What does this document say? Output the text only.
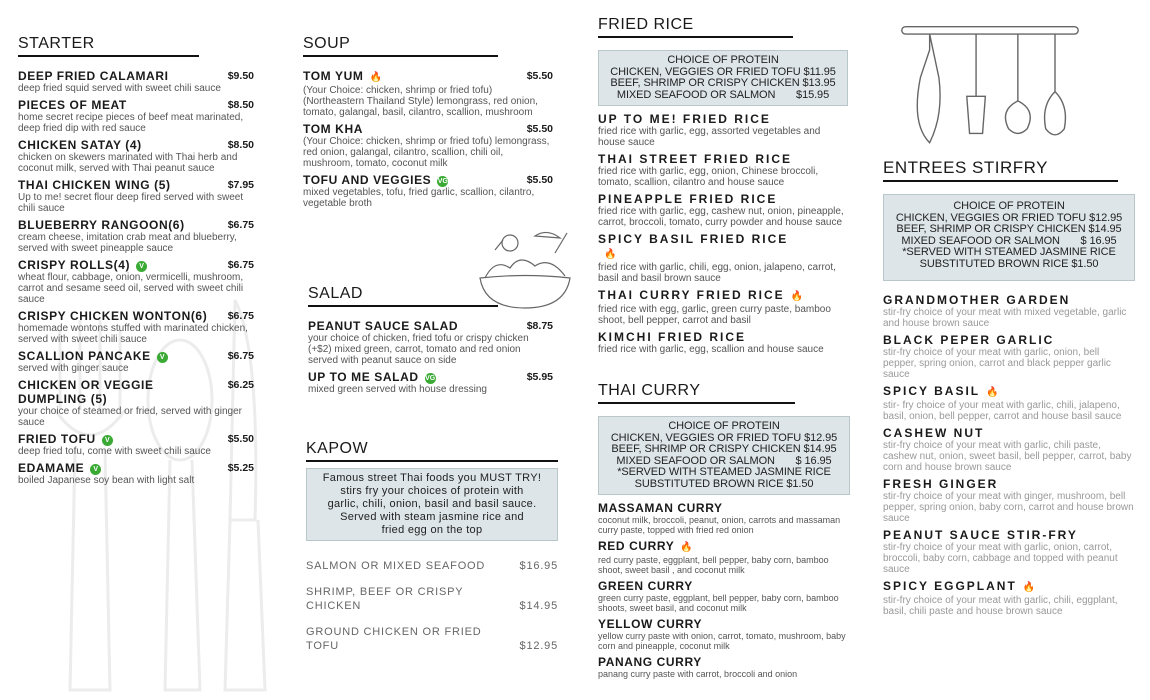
STARTER
DEEP FRIED CALAMARI	$9.50
deep fried squid served with sweet chili sauce
PIECES OF MEAT	$8.50
home secret recipe pieces of beef meat marinated, deep fried dip with red sauce
CHICKEN SATAY (4)	$8.50
chicken on skewers marinated with Thai herb and coconut milk, served with Thai peanut sauce
THAI CHICKEN WING (5)	$7.95
Up to me! secret flour deep fired served with sweet chili sauce
BLUEBERRY RANGOON(6)	$6.75
cream cheese, imitation crab meat and blueberry, served with sweet pineapple sauce
CRISPY ROLLS(4) V	$6.75
wheat flour, cabbage, onion, vermicelli, mushroom, carrot and sesame seed oil, served with sweet chili sauce
CRISPY CHICKEN WONTON(6)	$6.75
homemade wontons stuffed with marinated chicken, served with sweet chili sauce
SCALLION PANCAKE V	$6.75
served with ginger sauce
CHICKEN OR VEGGIE DUMPLING (5)
$6.25
your choice of steamed or fried, served with ginger sauce
FRIED TOFU V	$5.50
deep fried tofu, come with sweet chili sauce
EDAMAME V	$5.25
boiled Japanese soy bean with light salt
SOUP
TOM YUM 🔥	$5.50
(Your Choice: chicken, shrimp or fried tofu) (Northeastern Thailand Style) lemongrass, red onion, tomato, galangal, basil, cilantro, scallion, mushroom
TOM KHA	$5.50
(Your Choice: chicken, shrimp or fried tofu) lemongrass, red onion, galangal, cilantro, scallion, chili oil, mushroom, tomato, coconut milk
TOFU AND VEGGIES VG	$5.50
mixed vegetables, tofu, fried garlic, scallion, cilantro, vegetable broth
SALAD
PEANUT SAUCE SALAD	$8.75
your choice of chicken, fried tofu or crispy chicken (+$2) mixed green, carrot, tomato and red onion served with peanut sauce on side
UP TO ME SALAD VG	$5.95
mixed green served with house dressing
KAPOW
Famous street Thai foods you MUST TRY!
stirs fry your choices of protein with
garlic, chili, onion, basil and basil sauce.
Served with steam jasmine rice and
fried egg on the top
SALMON OR MIXED SEAFOOD	$16.95
SHRIMP, BEEF OR CRISPY CHICKEN	$14.95
GROUND CHICKEN OR FRIED TOFU	$12.95
FRIED RICE
CHOICE OF PROTEIN
CHICKEN, VEGGIES OR FRIED TOFU $11.95
BEEF, SHRIMP OR CRISPY CHICKEN $13.95
MIXED SEAFOOD OR SALMON       $15.95
UP TO ME! FRIED RICE
fried rice with garlic, egg, assorted vegetables and house sauce
THAI STREET FRIED RICE
fried rice with garlic, egg, onion, Chinese broccoli, tomato, scallion, cilantro and house sauce
PINEAPPLE FRIED RICE
fried rice with garlic, egg, cashew nut, onion, pineapple, carrot, broccoli, tomato, curry powder and house sauce
SPICY BASIL FRIED RICE🔥
fried rice with garlic, chili, egg, onion, jalapeno, carrot, basil and basil brown sauce
THAI CURRY FRIED RICE 🔥
fried rice with egg, garlic, green curry paste, bamboo shoot, bell pepper, carrot and basil
KIMCHI FRIED RICE
fried rice with garlic, egg, scallion and house sauce
THAI CURRY
CHOICE OF PROTEIN
CHICKEN, VEGGIES OR FRIED TOFU $12.95
BEEF, SHRIMP OR CRISPY CHICKEN $14.95
MIXED SEAFOOD OR SALMON       $ 16.95
*SERVED WITH STEAMED JASMINE RICE
SUBSTITUTED BROWN RICE $1.50
MASSAMAN CURRY
coconut milk, broccoli, peanut, onion, carrots and massaman curry paste, topped with fried red onion
RED CURRY 🔥
red curry paste, eggplant, bell pepper, baby corn, bamboo shoot, sweet basil , and coconut milk
GREEN CURRY
green curry paste, eggplant, bell pepper, baby corn, bamboo shoots, sweet basil, and coconut milk
YELLOW CURRY
yellow curry paste with onion, carrot, tomato, mushroom, baby corn and pineapple, coconut milk
PANANG CURRY
panang curry paste with carrot, broccoli and onion
ENTREES STIRFRY
CHOICE OF PROTEIN
CHICKEN, VEGGIES OR FRIED TOFU $12.95
BEEF, SHRIMP OR CRISPY CHICKEN $14.95
MIXED SEAFOOD OR SALMON       $ 16.95
*SERVED WITH STEAMED JASMINE RICE
SUBSTITUTED BROWN RICE $1.50
GRANDMOTHER GARDEN
stir-fry choice of your meat with mixed vegetable, garlic and house brown sauce
BLACK PEPER GARLIC
stir-fry choice of your meat with garlic, onion, bell pepper, spring onion, carrot and black pepper garlic sauce
SPICY BASIL 🔥
stir- fry choice of your meat with garlic, chili, jalapeno, basil, onion, bell pepper, carrot and house basil sauce
CASHEW NUT
stir-fry choice of your meat with garlic, chili paste, cashew nut, onion, sweet basil, bell pepper, carrot, baby corn and house brown sauce
FRESH GINGER
stir-fry choice of your meat with ginger, mushroom, bell pepper, spring onion, baby corn, carrot and house brown sauce
PEANUT SAUCE STIR-FRY
stir-fry choice of your meat with garlic, onion, carrot, broccoli, baby corn, cabbage and topped with peanut sauce
SPICY EGGPLANT 🔥
stir-fry choice of your meat with garlic, chili, eggplant, basil, chili paste and house brown sauce
